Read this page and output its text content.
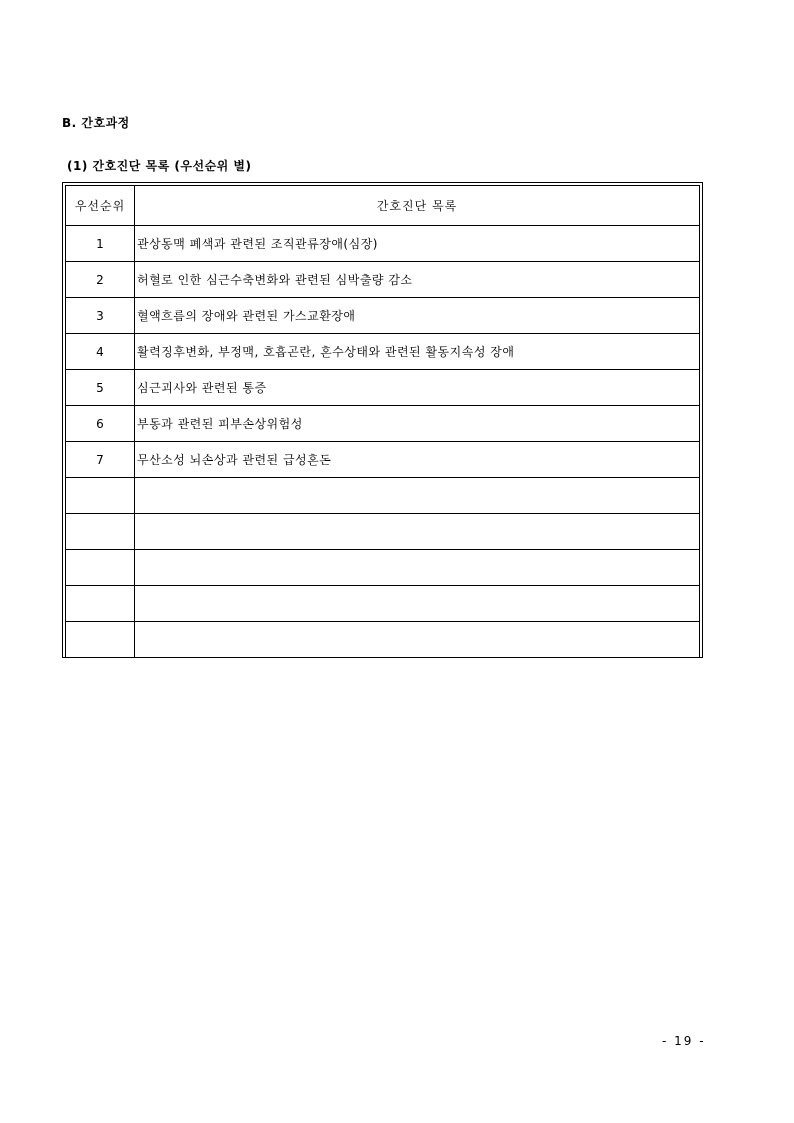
B. 간호과정
(1) 간호진단 목록 (우선순위 별)
우선순위	간호진단 목록
1	관상동맥 폐색과 관련된 조직관류장애(심장)
2	허혈로 인한 심근수축변화와 관련된 심박출량 감소
3	혈액흐름의 장애와 관련된 가스교환장애
4	활력징후변화, 부정맥, 호흡곤란, 혼수상태와 관련된 활동지속성 장애
5	심근괴사와 관련된 통증
6	부동과 관련된 피부손상위험성
7	무산소성 뇌손상과 관련된 급성혼돈

- 19 -
